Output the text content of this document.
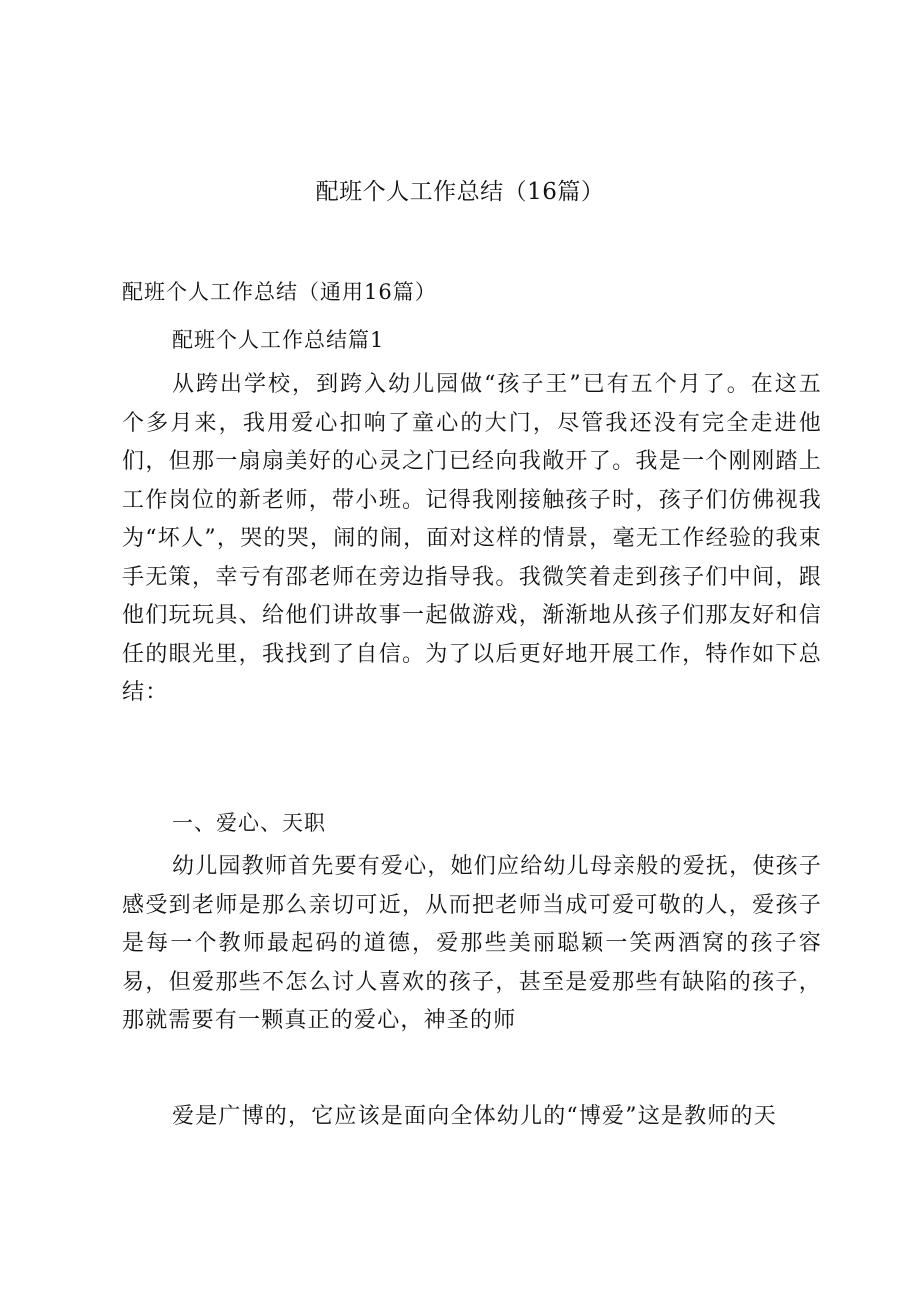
配班个人工作总结（16篇）
配班个人工作总结（通用16篇）
配班个人工作总结篇1

从跨出学校，到跨入幼儿园做“孩子王”已有五个月了。在这五个多月来，我用爱心扣响了童心的大门，尽管我还没有完全走进他们，但那一扇扇美好的心灵之门已经向我敞开了。我是一个刚刚踏上工作岗位的新老师，带小班。记得我刚接触孩子时，孩子们仿佛视我为“坏人”，哭的哭，闹的闹，面对这样的情景，毫无工作经验的我束手无策，幸亏有邵老师在旁边指导我。我微笑着走到孩子们中间，跟他们玩玩具、给他们讲故事一起做游戏，渐渐地从孩子们那友好和信任的眼光里，我找到了自信。为了以后更好地开展工作，特作如下总结：

一、爱心、天职

幼儿园教师首先要有爱心，她们应给幼儿母亲般的爱抚，使孩子感受到老师是那么亲切可近，从而把老师当成可爱可敬的人，爱孩子是每一个教师最起码的道德，爱那些美丽聪颖一笑两酒窝的孩子容易，但爱那些不怎么讨人喜欢的孩子，甚至是爱那些有缺陷的孩子，那就需要有一颗真正的爱心，神圣的师

爱是广博的，它应该是面向全体幼儿的“博爱”这是教师的天
